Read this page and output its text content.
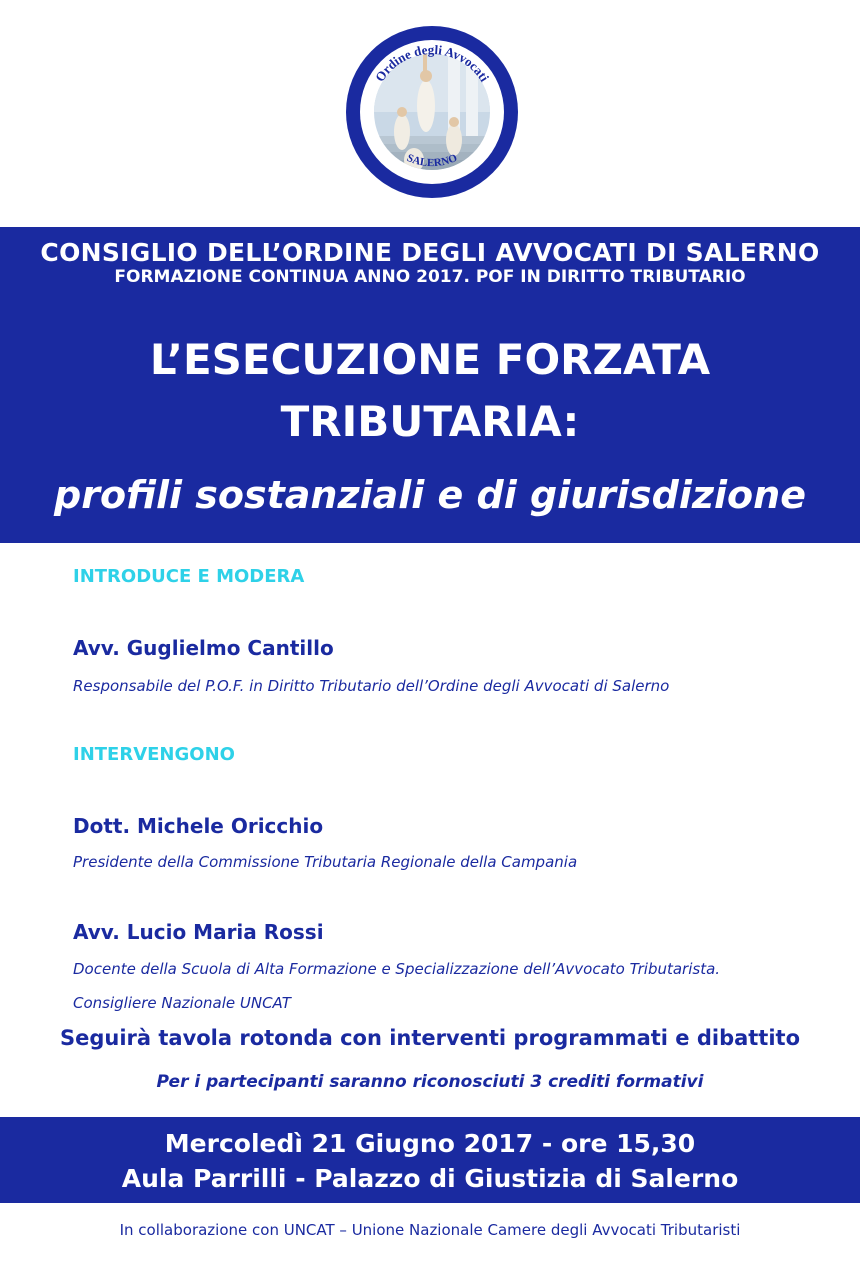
Ordine degli Avvocati
SALERNO
CONSIGLIO DELL’ORDINE DEGLI AVVOCATI DI SALERNO
FORMAZIONE CONTINUA ANNO 2017. POF IN DIRITTO TRIBUTARIO
L’ESECUZIONE FORZATA
TRIBUTARIA:
profili sostanziali e di giurisdizione
INTRODUCE E MODERA
Avv. Guglielmo Cantillo
Responsabile del P.O.F. in Diritto Tributario dell’Ordine degli Avvocati di Salerno
INTERVENGONO
Dott. Michele Oricchio
Presidente della Commissione Tributaria Regionale della Campania
Avv. Lucio Maria Rossi
Docente della Scuola di Alta Formazione e Specializzazione dell’Avvocato Tributarista.
Consigliere Nazionale UNCAT
Seguirà tavola rotonda con interventi programmati e dibattito
Per i partecipanti saranno riconosciuti 3 crediti formativi
Mercoledì 21 Giugno 2017 - ore 15,30
Aula Parrilli - Palazzo di Giustizia di Salerno
In collaborazione con UNCAT – Unione Nazionale Camere degli Avvocati Tributaristi
